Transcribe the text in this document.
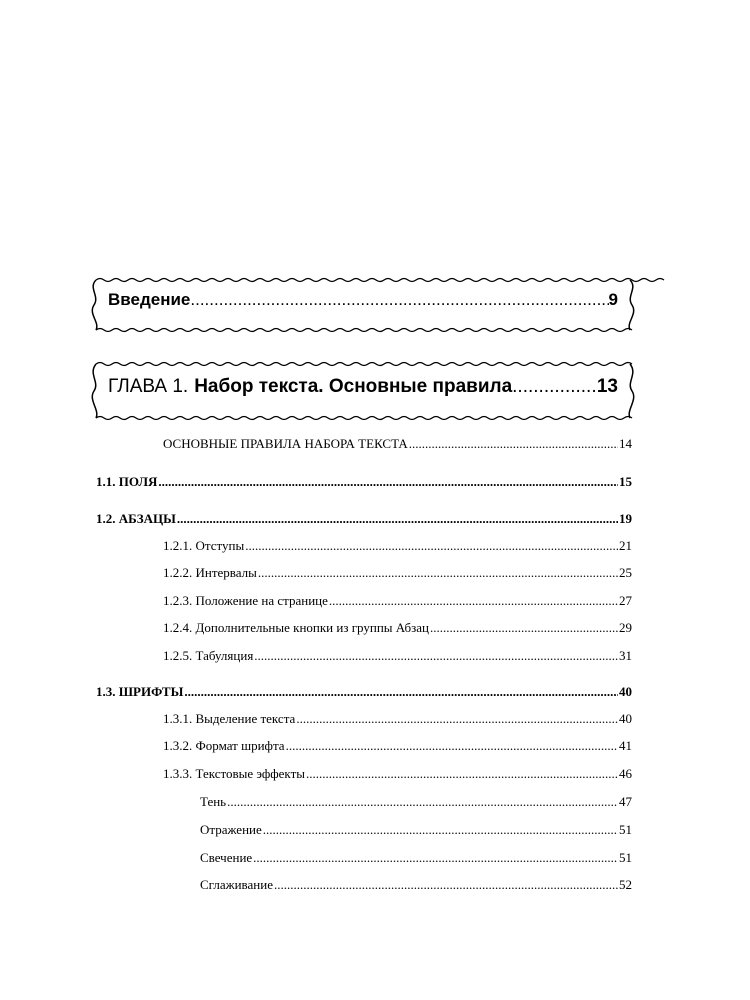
Введение .....	9
ГЛАВА 1. Набор текста. Основные правила .....	13
ОСНОВНЫЕ ПРАВИЛА НАБОРА ТЕКСТА .....	14
1.1. ПОЛЯ .....	15
1.2. АБЗАЦЫ .....	19
1.2.1. Отступы .....	21
1.2.2. Интервалы .....	25
1.2.3. Положение на странице .....	27
1.2.4. Дополнительные кнопки из группы Абзац .....	29
1.2.5. Табуляция .....	31
1.3. ШРИФТЫ .....	40
1.3.1. Выделение текста .....	40
1.3.2. Формат шрифта .....	41
1.3.3. Текстовые эффекты .....	46
Тень .....	47
Отражение .....	51
Свечение .....	51
Сглаживание .....	52
